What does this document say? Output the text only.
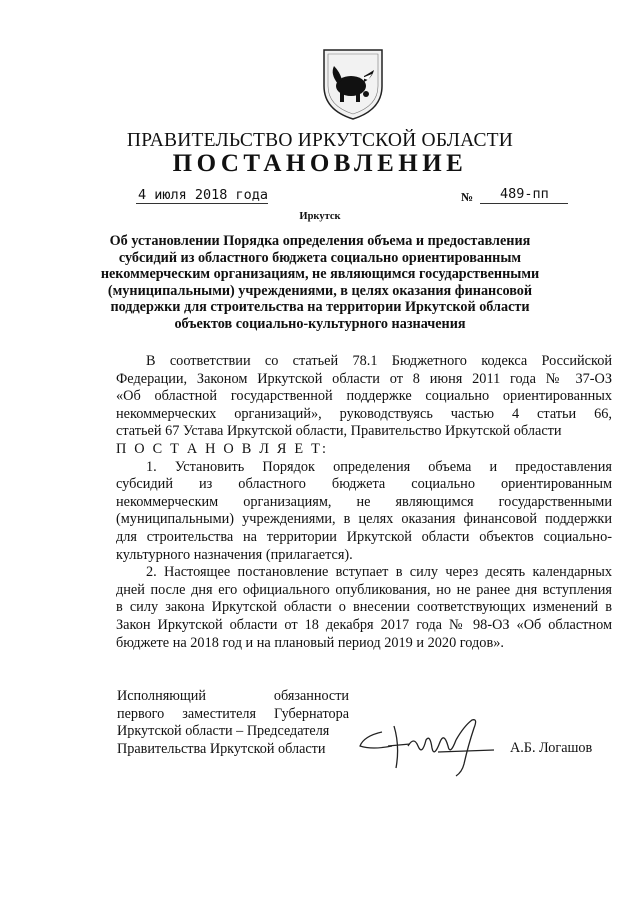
ПРАВИТЕЛЬСТВО ИРКУТСКОЙ ОБЛАСТИ
ПОСТАНОВЛЕНИЕ
4 июля 2018 года	№ 489-пп
Иркутск
Об установлении Порядка определения объема и предоставления
субсидий из областного бюджета социально ориентированным
некоммерческим организациям, не являющимся государственными
(муниципальными) учреждениями, в целях оказания финансовой
поддержки для строительства на территории Иркутской области
объектов социально-культурного назначения
В соответствии со статьей 78.1 Бюджетного кодекса Российской
Федерации, Законом Иркутской области от 8 июня 2011 года № 37-ОЗ
«Об областной государственной поддержке социально ориентированных
некоммерческих организаций», руководствуясь частью 4 статьи 66,
статьей 67 Устава Иркутской области, Правительство Иркутской области
П О С Т А Н О В Л Я Е Т:
1. Установить Порядок определения объема и предоставления
субсидий из областного бюджета социально ориентированным
некоммерческим организациям, не являющимся государственными
(муниципальными) учреждениями, в целях оказания финансовой поддержки
для строительства на территории Иркутской области объектов социально-
культурного назначения (прилагается).
2. Настоящее постановление вступает в силу через десять календарных
дней после дня его официального опубликования, но не ранее дня вступления
в силу закона Иркутской области о внесении соответствующих изменений в
Закон Иркутской области от 18 декабря 2017 года № 98-ОЗ «Об областном
бюджете на 2018 год и на плановый период 2019 и 2020 годов».
Исполняющий обязанности
первого заместителя Губернатора
Иркутской области – Председателя
Правительства Иркутской области	А.Б. Логашов
